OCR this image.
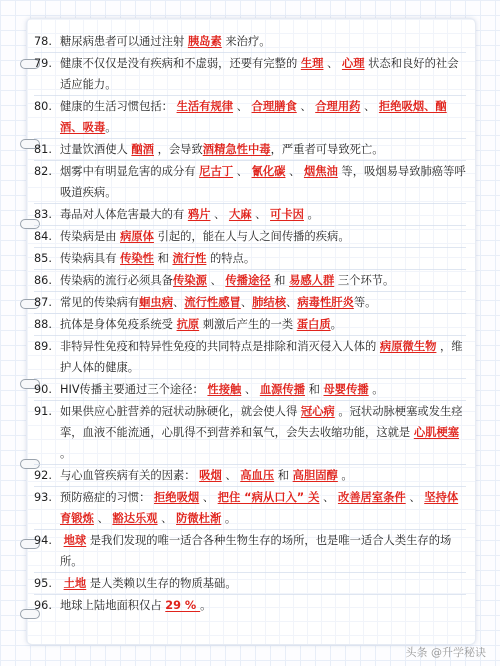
78. 糖尿病患者可以通过注射 胰岛素 来治疗。
79. 健康不仅仅是没有疾病和不虚弱，还要有完整的 生理 、 心理 状态和良好的社会适应能力。
80. 健康的生活习惯包括： 生活有规律 、 合理膳食 、 合理用药 、 拒绝吸烟、酗酒、吸毒。
81. 过量饮酒使人 酗酒 ，会导致酒精急性中毒，严重者可导致死亡。
82. 烟雾中有明显危害的成分有 尼古丁 、 氰化碳 、 烟焦油 等，吸烟易导致肺癌等呼吸道疾病。
83. 毒品对人体危害最大的有 鸦片 、 大麻 、 可卡因 。
84. 传染病是由 病原体 引起的，能在人与人之间传播的疾病。
85. 传染病具有 传染性 和 流行性 的特点。
86. 传染病的流行必须具备传染源 、 传播途径 和 易感人群 三个环节。
87. 常见的传染病有蛔虫病、流行性感冒、肺结核、病毒性肝炎等。
88. 抗体是身体免疫系统受 抗原 刺激后产生的一类 蛋白质。
89. 非特异性免疫和特异性免疫的共同特点是排除和消灭侵入人体的 病原微生物 ，维护人体的健康。
90. HIV传播主要通过三个途径： 性接触 、 血源传播 和 母婴传播 。
91. 如果供应心脏营养的冠状动脉硬化，就会使人得 冠心病 。冠状动脉梗塞或发生痉挛，血液不能流通，心肌得不到营养和氧气，会失去收缩功能，这就是 心肌梗塞 。
92. 与心血管疾病有关的因素： 吸烟 、 高血压 和 高胆固醇 。
93. 预防癌症的习惯： 拒绝吸烟 、 把住 “病从口入” 关 、 改善居室条件 、 坚持体育锻炼 、 豁达乐观 、 防微杜渐 。
94. 地球 是我们发现的唯一适合各种生物生存的场所，也是唯一适合人类生存的场所。
95. 土地 是人类赖以生存的物质基础。
96. 地球上陆地面积仅占 29 % 。
头条 @升学秘诀
